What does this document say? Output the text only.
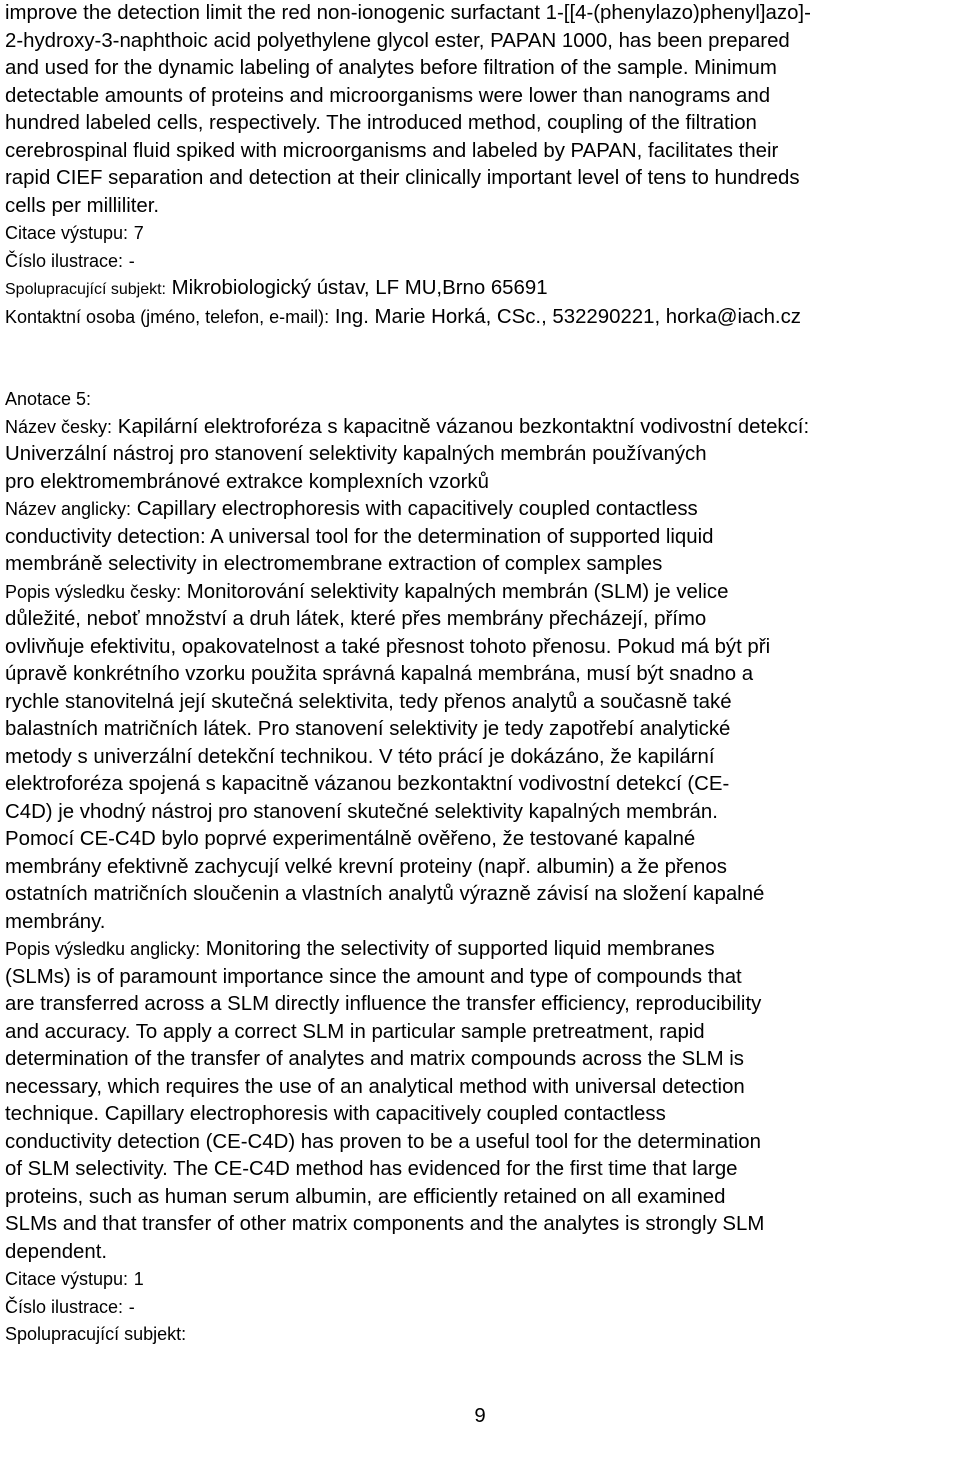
improve the detection limit the red non-ionogenic surfactant 1-[[4-(phenylazo)phenyl]azo]-
2-hydroxy-3-naphthoic acid polyethylene glycol ester, PAPAN 1000, has been prepared
and used for the dynamic labeling of analytes before filtration of the sample. Minimum
detectable amounts of proteins and microorganisms were lower than nanograms and
hundred labeled cells, respectively. The introduced method, coupling of the filtration
cerebrospinal fluid spiked with microorganisms and labeled by PAPAN, facilitates their
rapid CIEF separation and detection at their clinically important level of tens to hundreds
cells per milliliter.
Citace výstupu: 7
Číslo ilustrace: -
Spolupracující subjekt: Mikrobiologický ústav, LF MU,Brno 65691
Kontaktní osoba (jméno, telefon, e-mail): Ing. Marie Horká, CSc., 532290221, horka@iach.cz
Anotace 5:
Název česky: Kapilární elektroforéza s kapacitně vázanou bezkontaktní vodivostní detekcí:
Univerzální nástroj pro stanovení selektivity kapalných membrán používaných
pro elektromembránové extrakce komplexních vzorků
Název anglicky: Capillary electrophoresis with capacitively coupled contactless
conductivity detection: A universal tool for the determination of supported liquid
membráně selectivity in electromembrane extraction of complex samples
Popis výsledku česky: Monitorování selektivity kapalných membrán (SLM) je velice
důležité, neboť množství a druh látek, které přes membrány přecházejí, přímo
ovlivňuje efektivitu, opakovatelnost a také přesnost tohoto přenosu. Pokud má být při
úpravě konkrétního vzorku použita správná kapalná membrána, musí být snadno a
rychle stanovitelná její skutečná selektivita, tedy přenos analytů a současně také
balastních matričních látek. Pro stanovení selektivity je tedy zapotřebí analytické
metody s univerzální detekční technikou. V této prácí je dokázáno, že kapilární
elektroforéza spojená s kapacitně vázanou bezkontaktní vodivostní detekcí (CE-
C4D) je vhodný nástroj pro stanovení skutečné selektivity kapalných membrán.
Pomocí CE-C4D bylo poprvé experimentálně ověřeno, že testované kapalné
membrány efektivně zachycují velké krevní proteiny (např. albumin) a že přenos
ostatních matričních sloučenin a vlastních analytů výrazně závisí na složení kapalné
membrány.
Popis výsledku anglicky: Monitoring the selectivity of supported liquid membranes
(SLMs) is of paramount importance since the amount and type of compounds that
are transferred across a SLM directly influence the transfer efficiency, reproducibility
and accuracy. To apply a correct SLM in particular sample pretreatment, rapid
determination of the transfer of analytes and matrix compounds across the SLM is
necessary, which requires the use of an analytical method with universal detection
technique. Capillary electrophoresis with capacitively coupled contactless
conductivity detection (CE-C4D) has proven to be a useful tool for the determination
of SLM selectivity. The CE-C4D method has evidenced for the first time that large
proteins, such as human serum albumin, are efficiently retained on all examined
SLMs and that transfer of other matrix components and the analytes is strongly SLM
dependent.
Citace výstupu: 1
Číslo ilustrace: -
Spolupracující subjekt:
9
